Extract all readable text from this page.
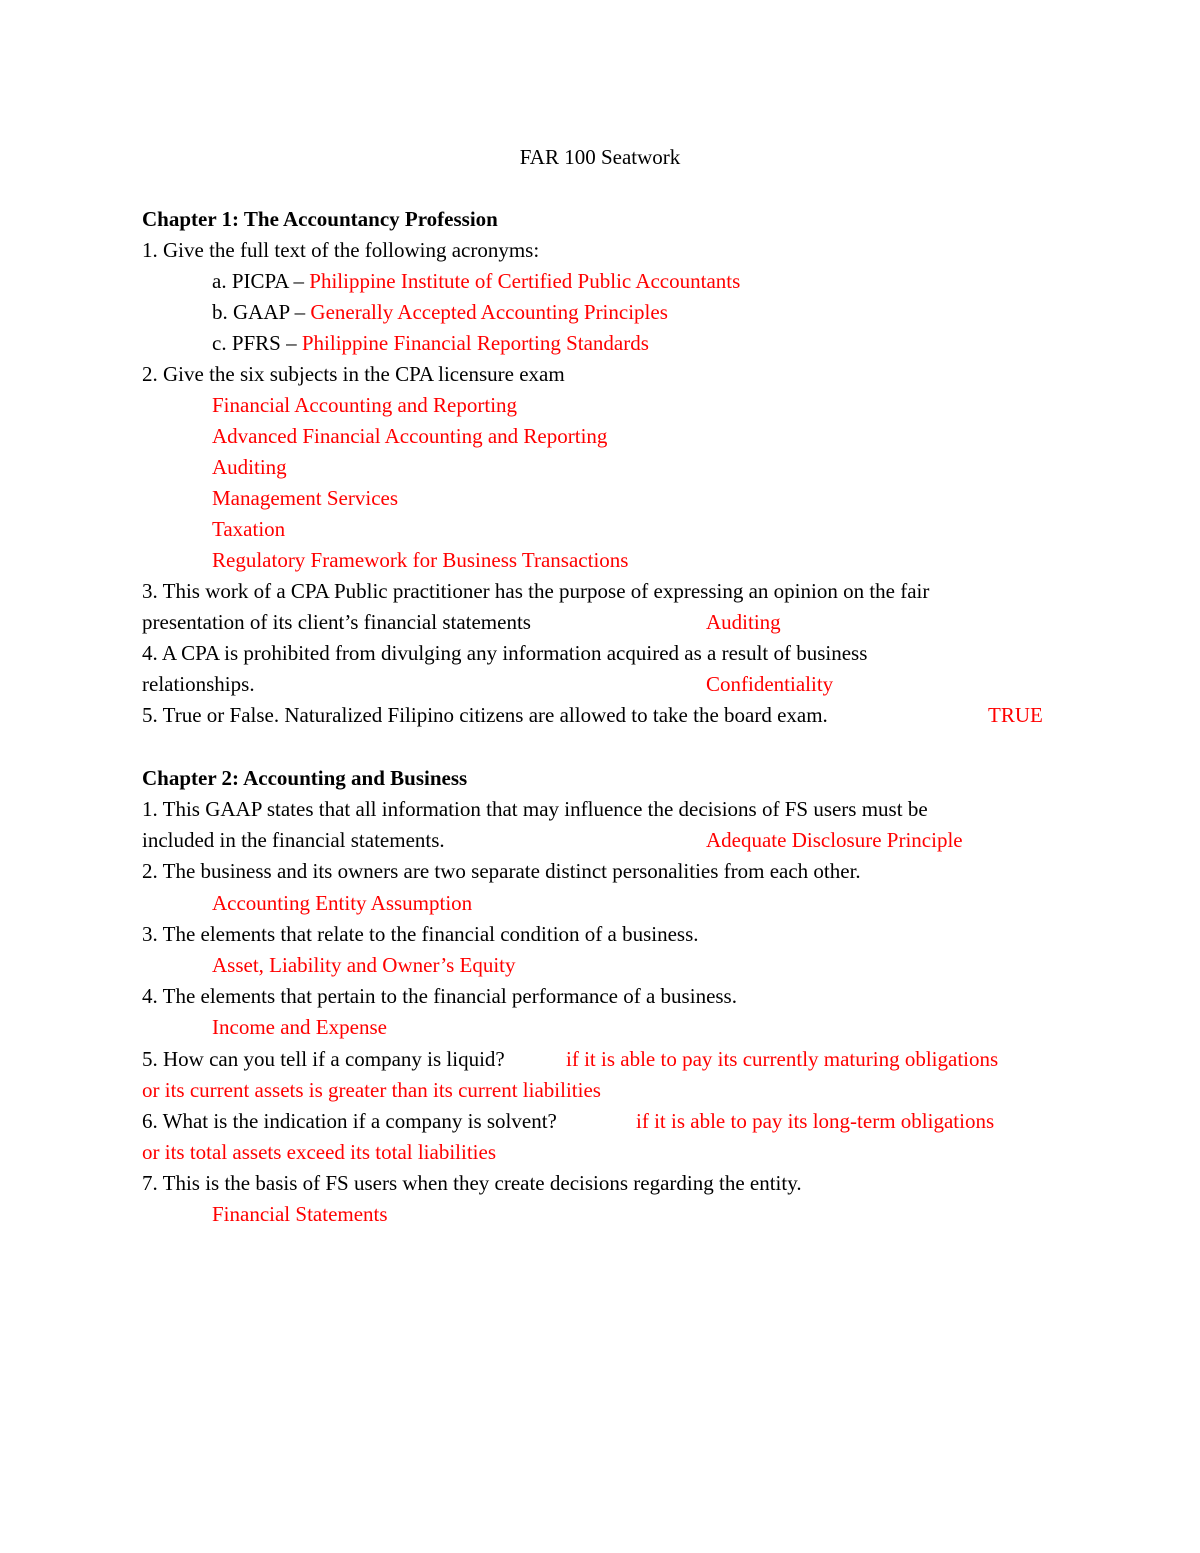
FAR 100 Seatwork
Chapter 1: The Accountancy Profession
1. Give the full text of the following acronyms:
a. PICPA – Philippine Institute of Certified Public Accountants
b. GAAP – Generally Accepted Accounting Principles
c. PFRS – Philippine Financial Reporting Standards
2. Give the six subjects in the CPA licensure exam
Financial Accounting and Reporting
Advanced Financial Accounting and Reporting
Auditing
Management Services
Taxation
Regulatory Framework for Business Transactions
3. This work of a CPA Public practitioner has the purpose of expressing an opinion on the fair
presentation of its client’s financial statements	Auditing
4. A CPA is prohibited from divulging any information acquired as a result of business
relationships.	Confidentiality
5. True or False. Naturalized Filipino citizens are allowed to take the board exam.	TRUE
Chapter 2: Accounting and Business
1. This GAAP states that all information that may influence the decisions of FS users must be
included in the financial statements.	Adequate Disclosure Principle
2. The business and its owners are two separate distinct personalities from each other.
Accounting Entity Assumption
3. The elements that relate to the financial condition of a business.
Asset, Liability and Owner’s Equity
4. The elements that pertain to the financial performance of a business.
Income and Expense
5. How can you tell if a company is liquid?	if it is able to pay its currently maturing obligations
or its current assets is greater than its current liabilities
6. What is the indication if a company is solvent?	if it is able to pay its long-term obligations
or its total assets exceed its total liabilities
7. This is the basis of FS users when they create decisions regarding the entity.
Financial Statements
